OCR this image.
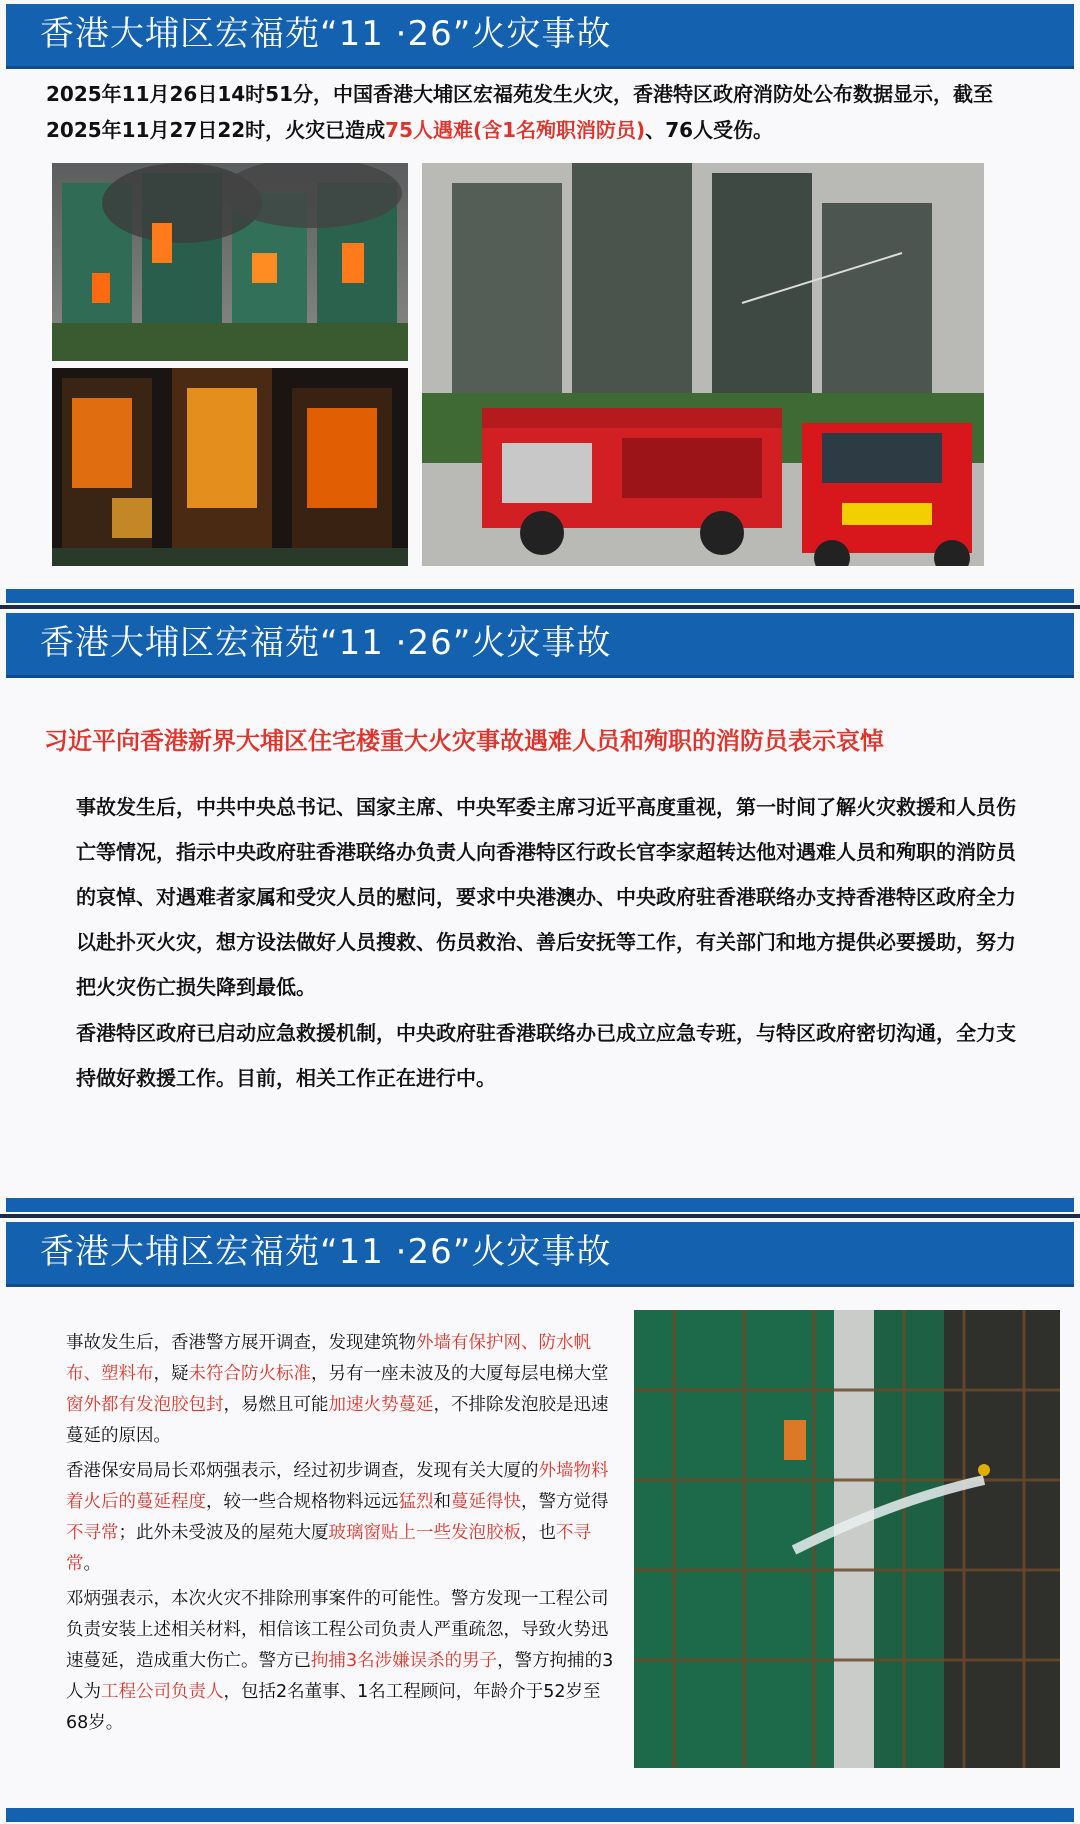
香港大埔区宏福苑“11 ·26”火灾事故
2025年11月26日14时51分，中国香港大埔区宏福苑发生火灾，香港特区政府消防处公布数据显示，截至2025年11月27日22时，火灾已造成75人遇难(含1名殉职消防员)、76人受伤。
香港大埔区宏福苑“11 ·26”火灾事故
习近平向香港新界大埔区住宅楼重大火灾事故遇难人员和殉职的消防员表示哀悼
事故发生后，中共中央总书记、国家主席、中央军委主席习近平高度重视，第一时间了解火灾救援和人员伤亡等情况，指示中央政府驻香港联络办负责人向香港特区行政长官李家超转达他对遇难人员和殉职的消防员的哀悼、对遇难者家属和受灾人员的慰问，要求中央港澳办、中央政府驻香港联络办支持香港特区政府全力以赴扑灭火灾，想方设法做好人员搜救、伤员救治、善后安抚等工作，有关部门和地方提供必要援助，努力把火灾伤亡损失降到最低。
香港特区政府已启动应急救援机制，中央政府驻香港联络办已成立应急专班，与特区政府密切沟通，全力支持做好救援工作。目前，相关工作正在进行中。
香港大埔区宏福苑“11 ·26”火灾事故

事故发生后，香港警方展开调查，发现建筑物外墙有保护网、防水帆布、塑料布，疑未符合防火标准，另有一座未波及的大厦每层电梯大堂窗外都有发泡胶包封，易燃且可能加速火势蔓延，不排除发泡胶是迅速蔓延的原因。

香港保安局局长邓炳强表示，经过初步调查，发现有关大厦的外墙物料着火后的蔓延程度，较一些合规格物料远远猛烈和蔓延得快，警方觉得不寻常；此外未受波及的屋苑大厦玻璃窗贴上一些发泡胶板，也不寻常。

邓炳强表示，本次火灾不排除刑事案件的可能性。警方发现一工程公司负责安装上述相关材料，相信该工程公司负责人严重疏忽，导致火势迅速蔓延，造成重大伤亡。警方已拘捕3名涉嫌误杀的男子，警方拘捕的3人为工程公司负责人，包括2名董事、1名工程顾问，年龄介于52岁至68岁。
